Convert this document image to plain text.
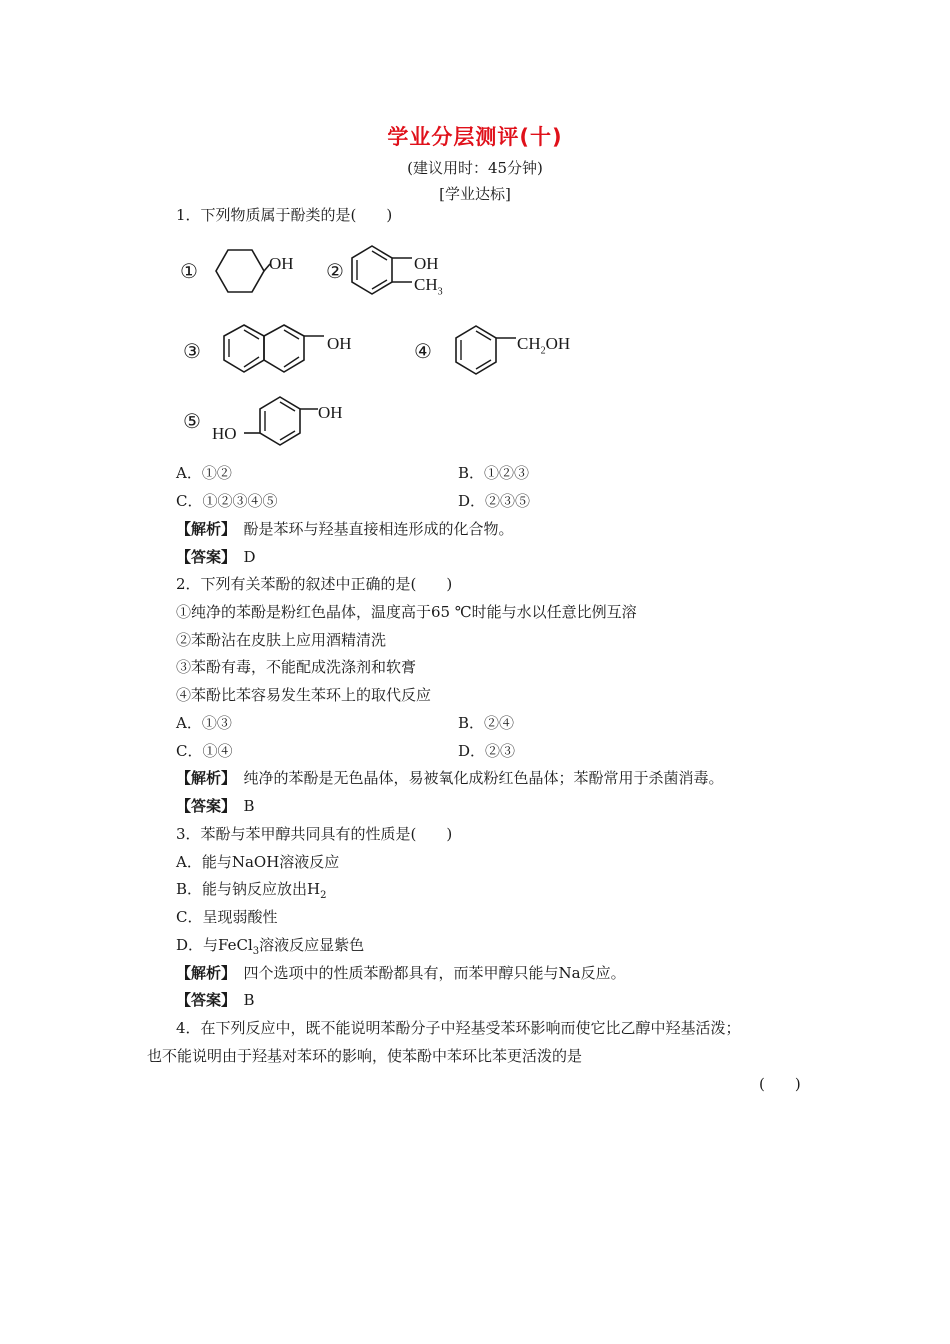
学业分层测评(十)
(建议用时：45分钟)
[学业达标]
1．下列物质属于酚类的是(　　)
①	OH ②	OH
$CH_3$
③	OH	④	$CH_2OH$
⑤	OH
HO
A．①②	B．①②③
C．①②③④⑤	D．②③⑤
【解析】　 酚是苯环与羟基直接相连形成的化合物。
【答案】　 D
2．下列有关苯酚的叙述中正确的是(　　)
①纯净的苯酚是粉红色晶体，温度高于65 ℃时能与水以任意比例互溶
②苯酚沾在皮肤上应用酒精清洗
③苯酚有毒，不能配成洗涤剂和软膏
④苯酚比苯容易发生苯环上的取代反应
A．①③	B．②④
C．①④	D．②③
【解析】　 纯净的苯酚是无色晶体，易被氧化成粉红色晶体；苯酚常用于杀菌消毒。
【答案】　 B
3．苯酚与苯甲醇共同具有的性质是(　　)
A．能与NaOH溶液反应
B．能与钠反应放出$H_2$
C．呈现弱酸性
D．与FeCl$_3$溶液反应显紫色
【解析】　 四个选项中的性质苯酚都具有，而苯甲醇只能与Na反应。
【答案】　 B
4．在下列反应中，既不能说明苯酚分子中羟基受苯环影响而使它比乙醇中羟基活泼；
也不能说明由于羟基对苯环的影响，使苯酚中苯环比苯更活泼的是
(　　)
